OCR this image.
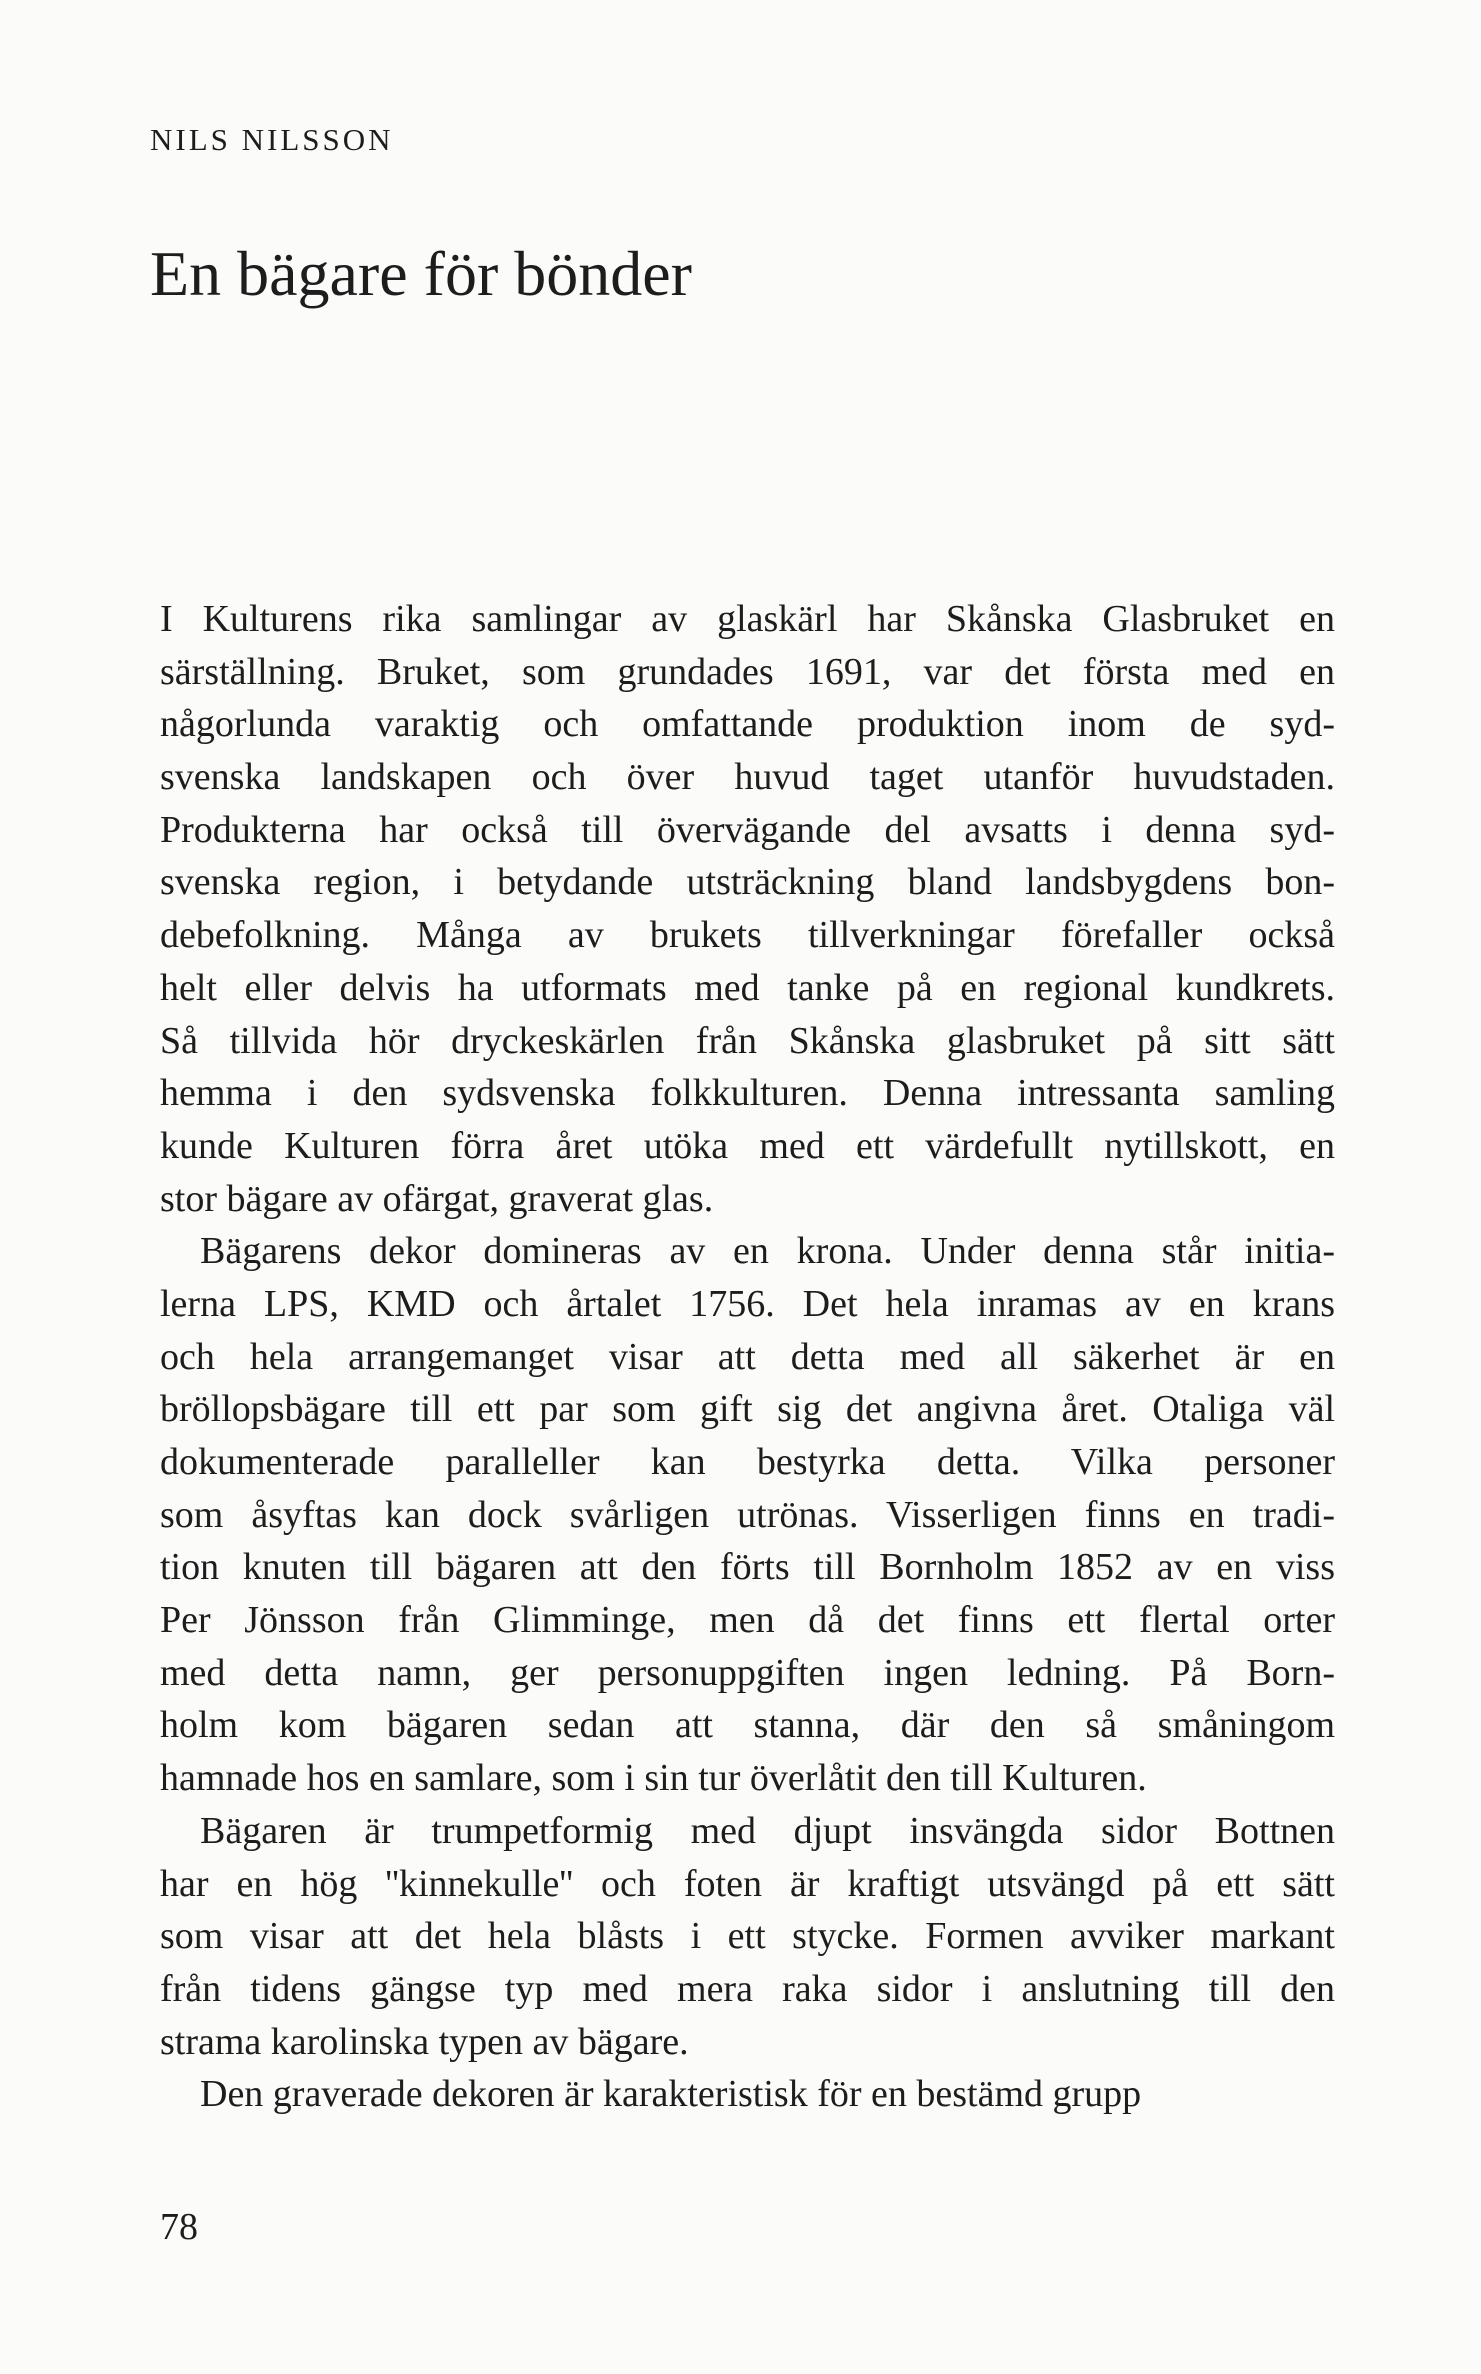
NILS NILSSON
En bägare för bönder
I Kulturens rika samlingar av glaskärl har Skånska Glasbruket en
särställning. Bruket, som grundades 1691, var det första med en
någorlunda varaktig och omfattande produktion inom de syd-
svenska landskapen och över huvud taget utanför huvudstaden.
Produkterna har också till övervägande del avsatts i denna syd-
svenska region, i betydande utsträckning bland landsbygdens bon-
debefolkning. Många av brukets tillverkningar förefaller också
helt eller delvis ha utformats med tanke på en regional kundkrets.
Så tillvida hör dryckeskärlen från Skånska glasbruket på sitt sätt
hemma i den sydsvenska folkkulturen. Denna intressanta samling
kunde Kulturen förra året utöka med ett värdefullt nytillskott, en
stor bägare av ofärgat, graverat glas.
Bägarens dekor domineras av en krona. Under denna står initia-
lerna LPS, KMD och årtalet 1756. Det hela inramas av en krans
och hela arrangemanget visar att detta med all säkerhet är en
bröllopsbägare till ett par som gift sig det angivna året. Otaliga väl
dokumenterade paralleller kan bestyrka detta. Vilka personer
som åsyftas kan dock svårligen utrönas. Visserligen finns en tradi-
tion knuten till bägaren att den förts till Bornholm 1852 av en viss
Per Jönsson från Glimminge, men då det finns ett flertal orter
med detta namn, ger personuppgiften ingen ledning. På Born-
holm kom bägaren sedan att stanna, där den så småningom
hamnade hos en samlare, som i sin tur överlåtit den till Kulturen.
Bägaren är trumpetformig med djupt insvängda sidor Bottnen
har en hög ''kinnekulle'' och foten är kraftigt utsvängd på ett sätt
som visar att det hela blåsts i ett stycke. Formen avviker markant
från tidens gängse typ med mera raka sidor i anslutning till den
strama karolinska typen av bägare.
Den graverade dekoren är karakteristisk för en bestämd grupp
78
